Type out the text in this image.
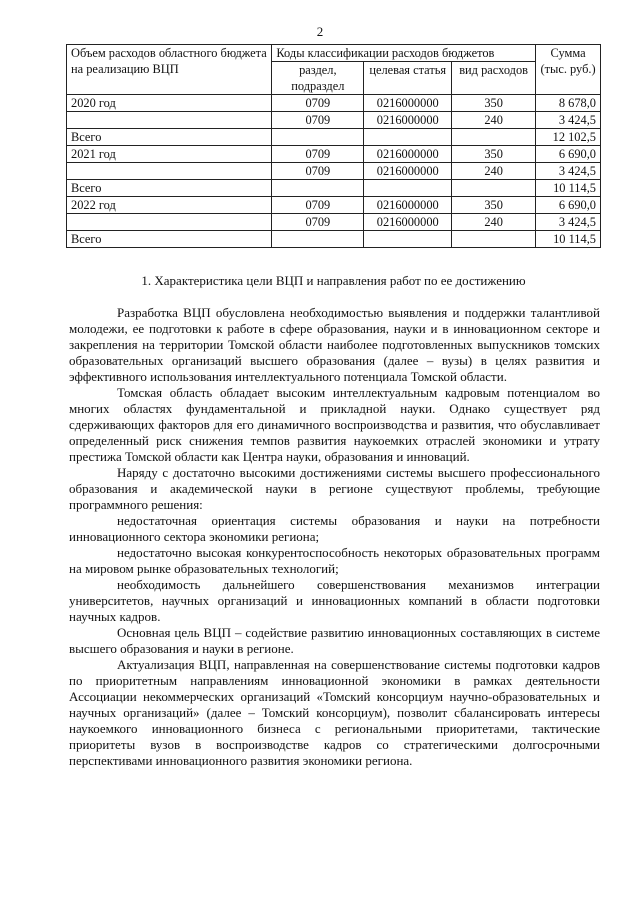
2
Объем расходов областного бюджета на реализацию ВЦП	Коды классификации расходов бюджетов			Сумма (тыс. руб.)
	раздел, подраздел	целевая статья	вид расходов	
2020 год	0709	0216000000	350	8 678,0
	0709	0216000000	240	3 424,5
Всего				12 102,5
2021 год	0709	0216000000	350	6 690,0
	0709	0216000000	240	3 424,5
Всего				10 114,5
2022 год	0709	0216000000	350	6 690,0
	0709	0216000000	240	3 424,5
Всего				10 114,5
1. Характеристика цели ВЦП и направления работ по ее достижению

Разработка ВЦП обусловлена необходимостью выявления и поддержки талантливой молодежи, ее подготовки к работе в сфере образования, науки и в инновационном секторе и закрепления на территории Томской области наиболее подготовленных выпускников томских образовательных организаций высшего образования (далее – вузы) в целях развития и эффективного использования интеллектуального потенциала Томской области.

Томская область обладает высоким интеллектуальным кадровым потенциалом во многих областях фундаментальной и прикладной науки. Однако существует ряд сдерживающих факторов для его динамичного воспроизводства и развития, что обуславливает определенный риск снижения темпов развития наукоемких отраслей экономики и утрату престижа Томской области как Центра науки, образования и инноваций.

Наряду с достаточно высокими достижениями системы высшего профессионального образования и академической науки в регионе существуют проблемы, требующие программного решения:

недостаточная ориентация системы образования и науки на потребности инновационного сектора экономики региона;

недостаточно высокая конкурентоспособность некоторых образовательных программ на мировом рынке образовательных технологий;

необходимость дальнейшего совершенствования механизмов интеграции университетов, научных организаций и инновационных компаний в области подготовки научных кадров.

Основная цель ВЦП – содействие развитию инновационных составляющих в системе высшего образования и науки в регионе.

Актуализация ВЦП, направленная на совершенствование системы подготовки кадров по приоритетным направлениям инновационной экономики в рамках деятельности Ассоциации некоммерческих организаций «Томский консорциум научно-образовательных и научных организаций» (далее – Томский консорциум), позволит сбалансировать интересы наукоемкого инновационного бизнеса с региональными приоритетами, тактические приоритеты вузов в воспроизводстве кадров со стратегическими долгосрочными перспективами инновационного развития экономики региона.
